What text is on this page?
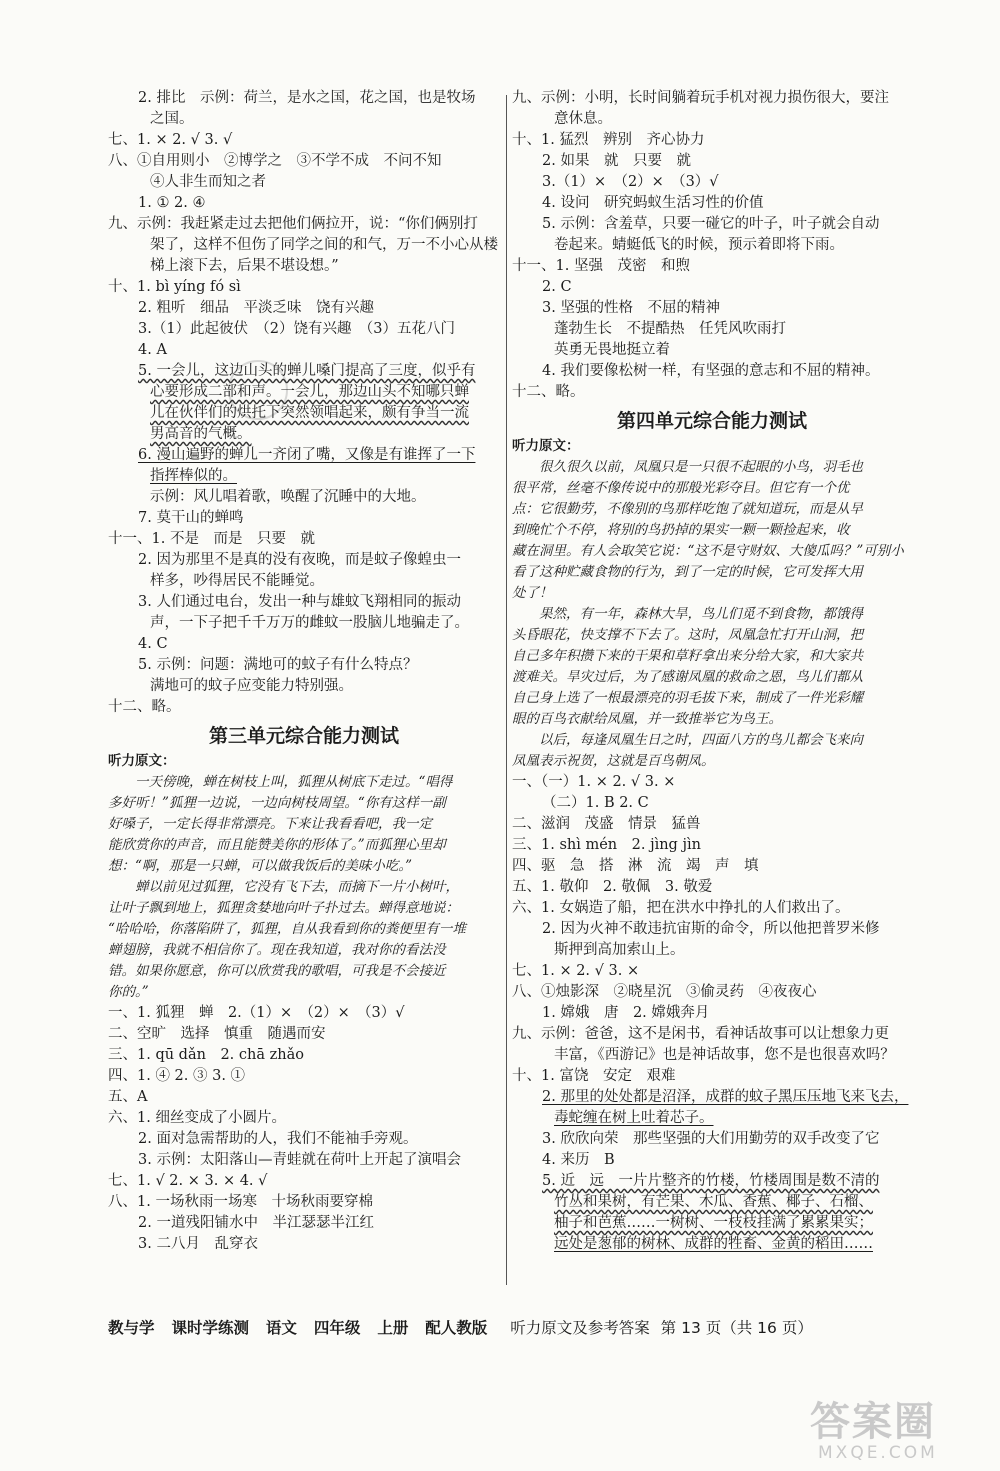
2. 排比　示例：荷兰，是水之国，花之国，也是牧场
之国。
七、1. × 2. √ 3. √
八、①自用则小　②博学之　③不学不成　不问不知
④人非生而知之者
1. ① 2. ④
九、示例：我赶紧走过去把他们俩拉开，说：“你们俩别打
架了，这样不但伤了同学之间的和气，万一不小心从楼
梯上滚下去，后果不堪设想。”
十、1. bì yíng fó sì
2. 粗听　细品　平淡乏味　饶有兴趣
3.（1）此起彼伏　（2）饶有兴趣　（3）五花八门
4. A
5. 一会儿，这边山头的蝉儿嗓门提高了三度，似乎有
心要形成二部和声。一会儿，那边山头不知哪只蝉
儿在伙伴们的烘托下突然领唱起来，颇有争当一流
男高音的气概。
6. 漫山遍野的蝉儿一齐闭了嘴，又像是有谁挥了一下
指挥棒似的。
示例：风儿唱着歌，唤醒了沉睡中的大地。
7. 莫干山的蝉鸣
十一、1. 不是　而是　只要　就
2. 因为那里不是真的没有夜晚，而是蚊子像蝗虫一
样多，吵得居民不能睡觉。
3. 人们通过电台，发出一种与雄蚊飞翔相同的振动
声，一下子把千千万万的雌蚊一股脑儿地骗走了。
4. C
5. 示例：问题：满地可的蚊子有什么特点？
满地可的蚊子应变能力特别强。
十二、略。
第三单元综合能力测试
听力原文：
　　一天傍晚，蝉在树枝上叫，狐狸从树底下走过。“唱得
多好听！”狐狸一边说，一边向树枝周望。“你有这样一副
好嗓子，一定长得非常漂亮。下来让我看看吧，我一定
能欣赏你的声音，而且能赞美你的形体了。”而狐狸心里却
想：“啊，那是一只蝉，可以做我饭后的美味小吃。”
　　蝉以前见过狐狸，它没有飞下去，而摘下一片小树叶，
让叶子飘到地上，狐狸贪婪地向叶子扑过去。蝉得意地说：
“哈哈哈，你落陷阱了，狐狸，自从我看到你的粪便里有一堆
蝉翅膀，我就不相信你了。现在我知道，我对你的看法没
错。如果你愿意，你可以欣赏我的歌唱，可我是不会接近
你的。”
一、1. 狐狸　蝉　2.（1）×　（2）×　（3）√
二、空旷　选择　慎重　随遇而安
三、1. qū dǎn　2. chā zhǎo
四、1. ④ 2. ③ 3. ①
五、A
六、1. 细丝变成了小圆片。
2. 面对急需帮助的人，我们不能袖手旁观。
3. 示例：太阳落山—青蛙就在荷叶上开起了演唱会
七、1. √ 2. × 3. × 4. √
八、1. 一场秋雨一场寒　十场秋雨要穿棉
2. 一道残阳铺水中　半江瑟瑟半江红
3. 二八月　乱穿衣
九、示例：小明，长时间躺着玩手机对视力损伤很大，要注
意休息。
十、1. 猛烈　辨别　齐心协力
2. 如果　就　只要　就
3.（1）×　（2）×　（3）√
4. 设问　研究蚂蚁生活习性的价值
5. 示例：含羞草，只要一碰它的叶子，叶子就会自动
卷起来。蜻蜓低飞的时候，预示着即将下雨。
十一、1. 坚强　茂密　和煦
2. C
3. 坚强的性格　不屈的精神
蓬勃生长　不提酷热　任凭风吹雨打
英勇无畏地挺立着
4. 我们要像松树一样，有坚强的意志和不屈的精神。
十二、略。
第四单元综合能力测试
听力原文：
　　很久很久以前，凤凰只是一只很不起眼的小鸟，羽毛也
很平常，丝毫不像传说中的那般光彩夺目。但它有一个优
点：它很勤劳，不像别的鸟那样吃饱了就知道玩，而是从早
到晚忙个不停，将别的鸟扔掉的果实一颗一颗捡起来，收
藏在洞里。有人会取笑它说：“这不是守财奴、大傻瓜吗？”可别小
看了这种贮藏食物的行为，到了一定的时候，它可发挥大用
处了！
　　果然，有一年，森林大旱，鸟儿们觅不到食物，都饿得
头昏眼花，快支撑不下去了。这时，凤凰急忙打开山洞，把
自己多年积攒下来的干果和草籽拿出来分给大家，和大家共
渡难关。旱灾过后，为了感谢凤凰的救命之恩，鸟儿们都从
自己身上选了一根最漂亮的羽毛拔下来，制成了一件光彩耀
眼的百鸟衣献给凤凰，并一致推举它为鸟王。
　　以后，每逢凤凰生日之时，四面八方的鸟儿都会飞来向
凤凰表示祝贺，这就是百鸟朝凤。
一、（一）1. × 2. √ 3. ×
（二）1. B 2. C
二、滋润　茂盛　情景　猛兽
三、1. shì mén　2. jìng jìn
四、驱　急　搭　淋　流　竭　声　填
五、1. 敬仰　2. 敬佩　3. 敬爱
六、1. 女娲造了船，把在洪水中挣扎的人们救出了。
2. 因为火神不敢违抗宙斯的命令，所以他把普罗米修
斯押到高加索山上。
七、1. × 2. √ 3. ×
八、①烛影深　②晓星沉　③偷灵药　④夜夜心
1. 嫦娥　唐　2. 嫦娥奔月
九、示例：爸爸，这不是闲书，看神话故事可以让想象力更
丰富，《西游记》也是神话故事，您不是也很喜欢吗？
十、1. 富饶　安定　艰难
2. 那里的处处都是沼泽，成群的蚊子黑压压地飞来飞去，
毒蛇缠在树上吐着芯子。
3. 欣欣向荣　那些坚强的大们用勤劳的双手改变了它
4. 来历　B
5. 近　远　一片片整齐的竹楼，竹楼周围是数不清的
竹丛和果树，有芒果、木瓜、香蕉、椰子、石榴、
柚子和芭蕉……一树树、一枝枝挂满了累累果实；
远处是葱郁的树林、成群的牲畜、金黄的稻田……
教与学 课时学练测 语文 四年级 上册 配人教版 听力原文及参考答案 第 13 页（共 16 页）
答案圈
MXQE.COM
